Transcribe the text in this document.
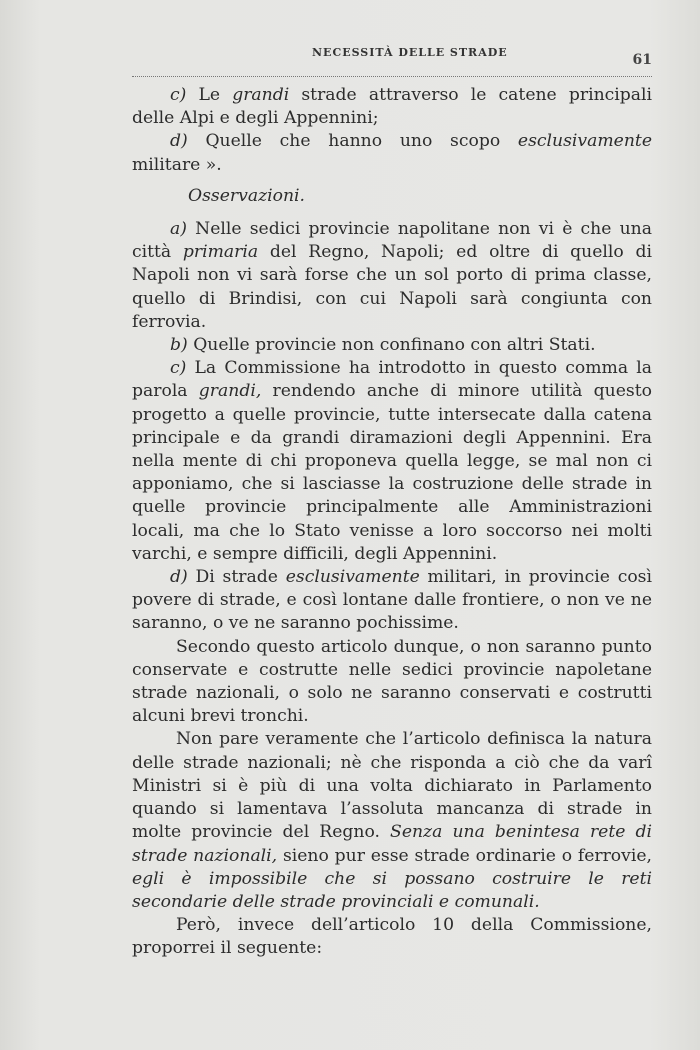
NECESSITÀ DELLE STRADE	61

c) Le grandi strade attraverso le catene principali delle Alpi e degli Appennini;

d) Quelle che hanno uno scopo esclusivamente militare ».

Osservazioni.

a) Nelle sedici provincie napolitane non vi è che una città primaria del Regno, Napoli; ed oltre di quello di Napoli non vi sarà forse che un sol porto di prima classe, quello di Brindisi, con cui Napoli sarà congiunta con ferrovia.

b) Quelle provincie non confinano con altri Stati.

c) La Commissione ha introdotto in questo comma la parola grandi, rendendo anche di minore utilità questo progetto a quelle provincie, tutte intersecate dalla catena principale e da grandi diramazioni degli Appennini. Era nella mente di chi proponeva quella legge, se mal non ci apponiamo, che si lasciasse la costruzione delle strade in quelle provincie principalmente alle Amministrazioni locali, ma che lo Stato venisse a loro soccorso nei molti varchi, e sempre difficili, degli Appennini.

d) Di strade esclusivamente militari, in provincie così povere di strade, e così lontane dalle frontiere, o non ve ne saranno, o ve ne saranno pochissime.

Secondo questo articolo dunque, o non saranno punto conservate e costrutte nelle sedici provincie napoletane strade nazionali, o solo ne saranno conservati e costrutti alcuni brevi tronchi.

Non pare veramente che l’articolo definisca la natura delle strade nazionali; nè che risponda a ciò che da varî Ministri si è più di una volta dichiarato in Parlamento quando si lamentava l’assoluta mancanza di strade in molte provincie del Regno. Senza una benintesa rete di strade nazionali, sieno pur esse strade ordinarie o ferrovie, egli è impossibile che si possano costruire le reti secondarie delle strade provinciali e comunali.

Però, invece dell’articolo 10 della Commissione, proporrei il seguente:
